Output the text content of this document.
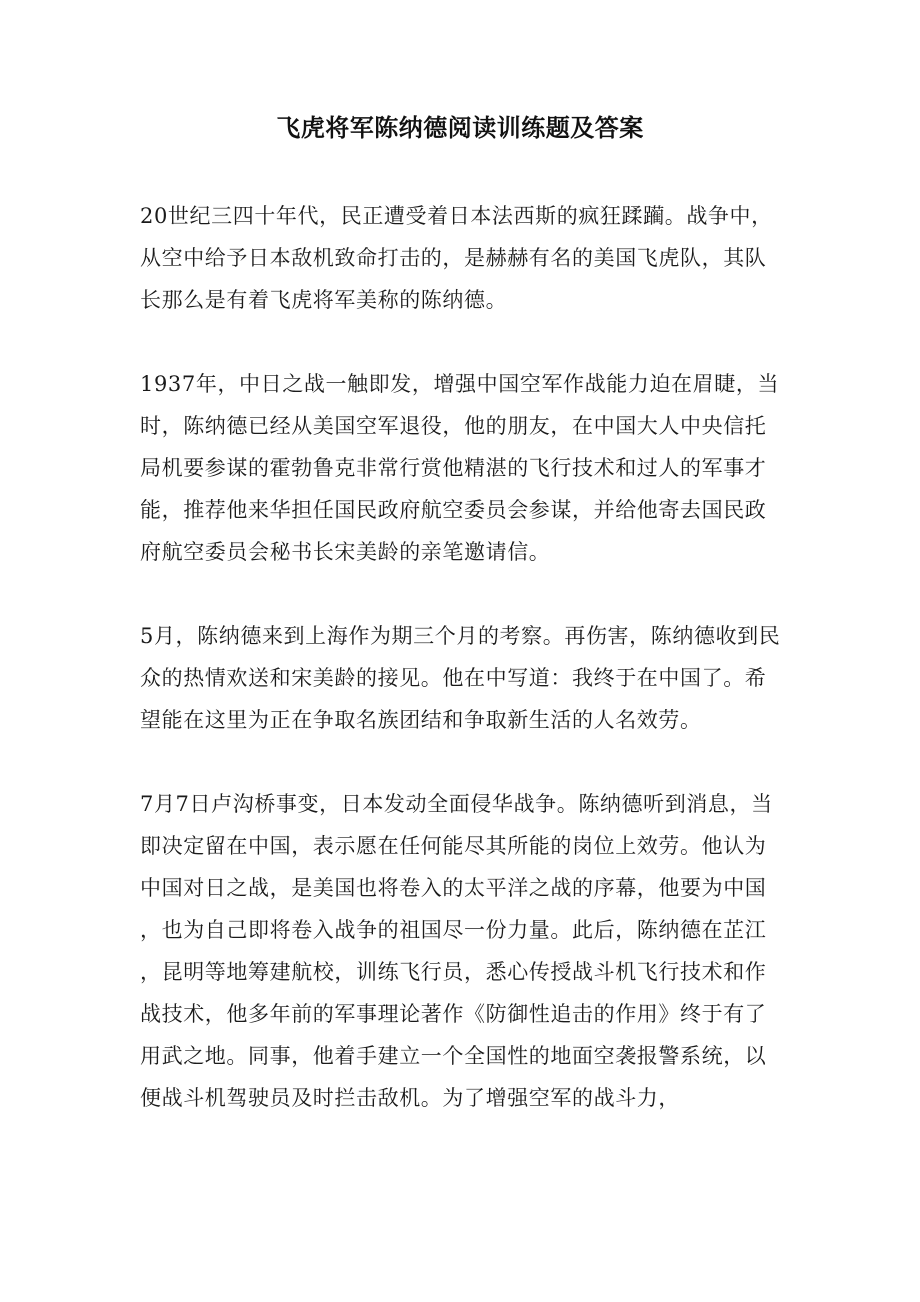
飞虎将军陈纳德阅读训练题及答案
20世纪三四十年代，民正遭受着日本法西斯的疯狂蹂躏。战争中，
从空中给予日本敌机致命打击的，是赫赫有名的美国飞虎队，其队
长那么是有着飞虎将军美称的陈纳德。
1937年，中日之战一触即发，增强中国空军作战能力迫在眉睫，当
时，陈纳德已经从美国空军退役，他的朋友，在中国大人中央信托
局机要参谋的霍勃鲁克非常行赏他精湛的飞行技术和过人的军事才
能，推荐他来华担任国民政府航空委员会参谋，并给他寄去国民政
府航空委员会秘书长宋美龄的亲笔邀请信。
5月，陈纳德来到上海作为期三个月的考察。再伤害，陈纳德收到民
众的热情欢送和宋美龄的接见。他在中写道：我终于在中国了。希
望能在这里为正在争取名族团结和争取新生活的人名效劳。
7月7日卢沟桥事变，日本发动全面侵华战争。陈纳德听到消息，当
即决定留在中国，表示愿在任何能尽其所能的岗位上效劳。他认为
中国对日之战，是美国也将卷入的太平洋之战的序幕，他要为中国
，也为自己即将卷入战争的祖国尽一份力量。此后，陈纳德在芷江
，昆明等地筹建航校，训练飞行员，悉心传授战斗机飞行技术和作
战技术，他多年前的军事理论著作《防御性追击的作用》终于有了
用武之地。同事，他着手建立一个全国性的地面空袭报警系统，以
便战斗机驾驶员及时拦击敌机。为了增强空军的战斗力，
